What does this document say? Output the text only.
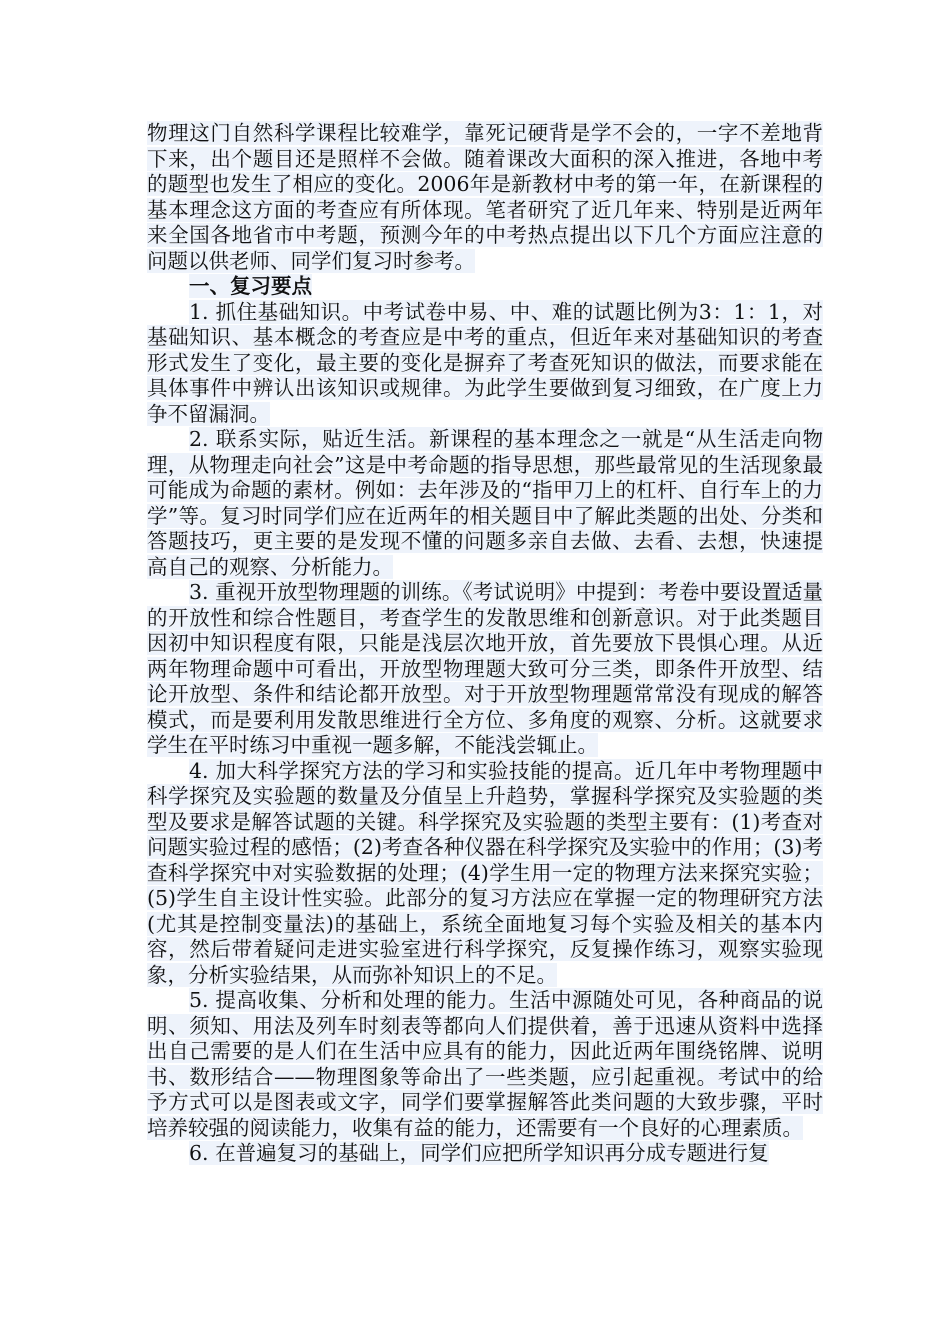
物理这门自然科学课程比较难学，靠死记硬背是学不会的，一字不差地背下来，出个题目还是照样不会做。随着课改大面积的深入推进，各地中考的题型也发生了相应的变化。2006年是新教材中考的第一年，在新课程的基本理念这方面的考查应有所体现。笔者研究了近几年来、特别是近两年来全国各地省市中考题，预测今年的中考热点提出以下几个方面应注意的问题以供老师、同学们复习时参考。

一、复习要点

1. 抓住基础知识。中考试卷中易、中、难的试题比例为3：1：1，对基础知识、基本概念的考查应是中考的重点，但近年来对基础知识的考查形式发生了变化，最主要的变化是摒弃了考查死知识的做法，而要求能在具体事件中辨认出该知识或规律。为此学生要做到复习细致，在广度上力争不留漏洞。

2. 联系实际，贴近生活。新课程的基本理念之一就是“从生活走向物理，从物理走向社会”这是中考命题的指导思想，那些最常见的生活现象最可能成为命题的素材。例如：去年涉及的“指甲刀上的杠杆、自行车上的力学”等。复习时同学们应在近两年的相关题目中了解此类题的出处、分类和答题技巧，更主要的是发现不懂的问题多亲自去做、去看、去想，快速提高自己的观察、分析能力。

3. 重视开放型物理题的训练。《考试说明》中提到：考卷中要设置适量的开放性和综合性题目，考查学生的发散思维和创新意识。对于此类题目因初中知识程度有限，只能是浅层次地开放，首先要放下畏惧心理。从近两年物理命题中可看出，开放型物理题大致可分三类，即条件开放型、结论开放型、条件和结论都开放型。对于开放型物理题常常没有现成的解答模式，而是要利用发散思维进行全方位、多角度的观察、分析。这就要求学生在平时练习中重视一题多解，不能浅尝辄止。

4. 加大科学探究方法的学习和实验技能的提高。近几年中考物理题中科学探究及实验题的数量及分值呈上升趋势，掌握科学探究及实验题的类型及要求是解答试题的关键。科学探究及实验题的类型主要有：(1)考查对问题实验过程的感悟；(2)考查各种仪器在科学探究及实验中的作用；(3)考查科学探究中对实验数据的处理；(4)学生用一定的物理方法来探究实验；(5)学生自主设计性实验。此部分的复习方法应在掌握一定的物理研究方法(尤其是控制变量法)的基础上，系统全面地复习每个实验及相关的基本内容，然后带着疑问走进实验室进行科学探究，反复操作练习，观察实验现象，分析实验结果，从而弥补知识上的不足。

5. 提高收集、分析和处理的能力。生活中源随处可见，各种商品的说明、须知、用法及列车时刻表等都向人们提供着，善于迅速从资料中选择出自己需要的是人们在生活中应具有的能力，因此近两年围绕铭牌、说明书、数形结合——物理图象等命出了一些类题，应引起重视。考试中的给予方式可以是图表或文字，同学们要掌握解答此类问题的大致步骤，平时培养较强的阅读能力，收集有益的能力，还需要有一个良好的心理素质。

6. 在普遍复习的基础上，同学们应把所学知识再分成专题进行复
